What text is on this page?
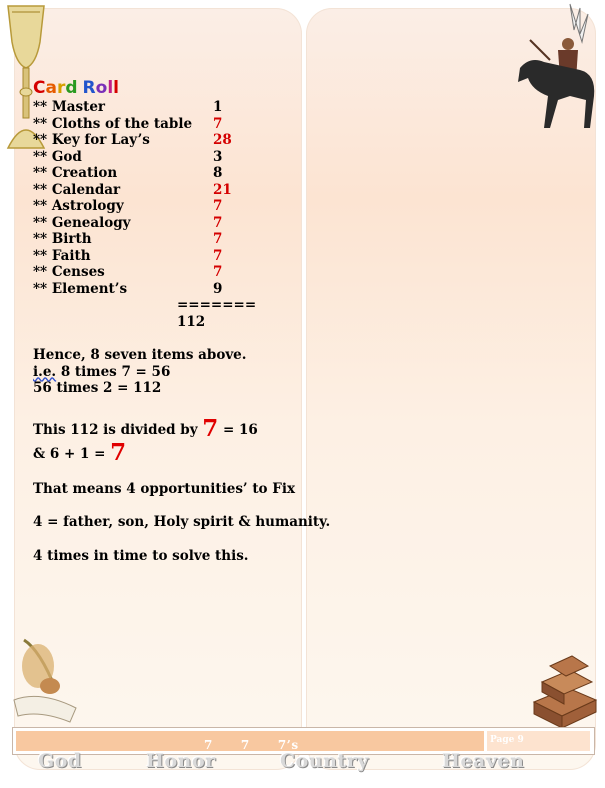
Card Roll
** Master	1
** Cloths of the table 7
** Key for Lay’s	28
** God	3
** Creation	8
** Calendar	21
** Astrology	7
** Genealogy	7
** Birth	7
** Faith	7
** Censes	7
** Element’s	9
=======
112
Hence, 8 seven items above.
i.e. 8 times 7 = 56
56 times 2 = 112
This 112 is divided by 7 = 16
& 6 + 1 = 7
That means 4 opportunities’ to Fix
4 = father, son, Holy spirit & humanity.
4 times in time to solve this.
7      7      7’s	Page 9
God	Honor	Country	Heaven
